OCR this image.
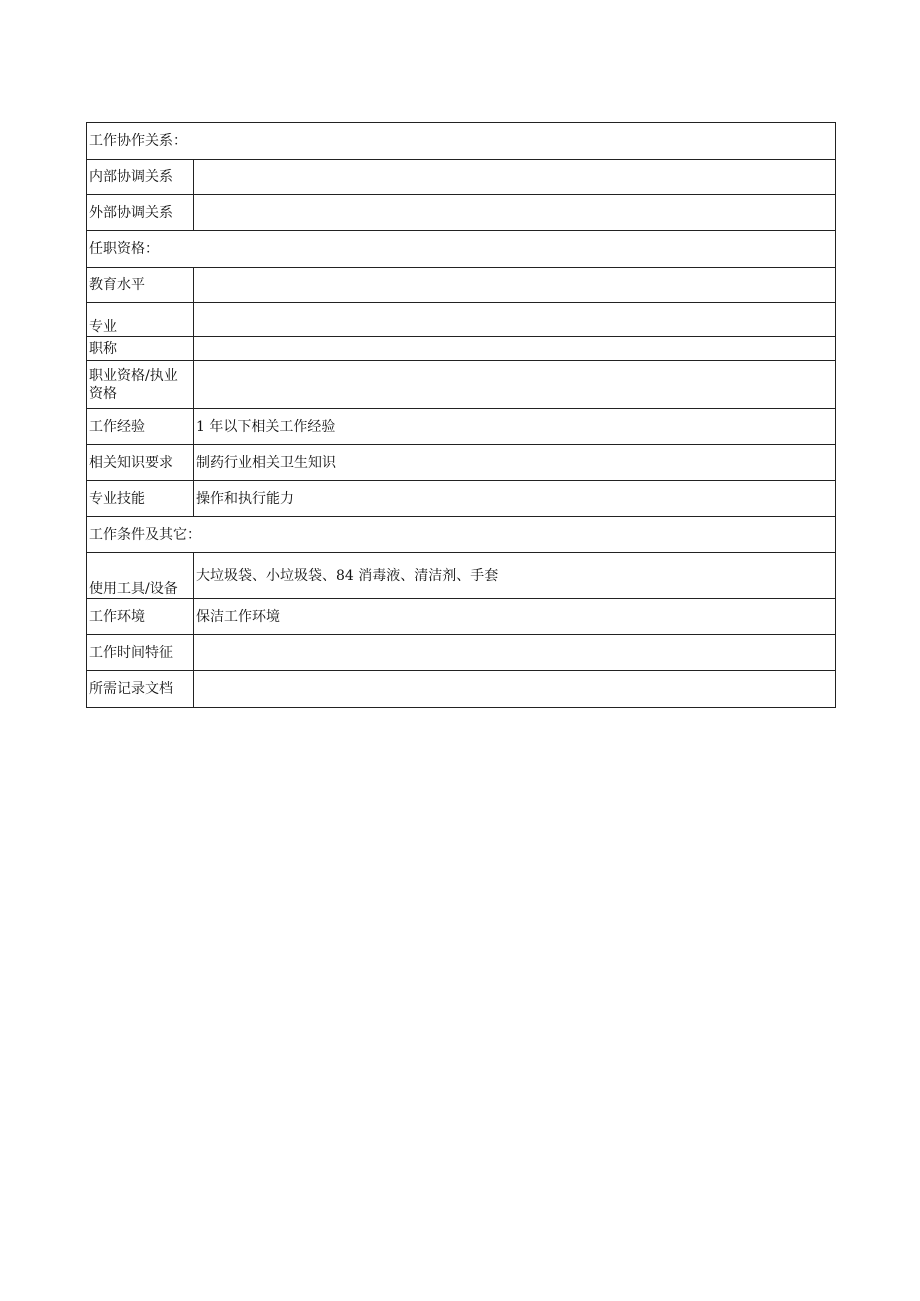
工作协作关系：	
内部协调关系	
外部协调关系	
任职资格：	
教育水平	
专业	
职称	
职业资格/执业资格	
工作经验	1 年以下相关工作经验
相关知识要求	制药行业相关卫生知识
专业技能	操作和执行能力
工作条件及其它：	
使用工具/设备	大垃圾袋、小垃圾袋、84 消毒液、清洁剂、手套
工作环境	保洁工作环境
工作时间特征	
所需记录文档	
